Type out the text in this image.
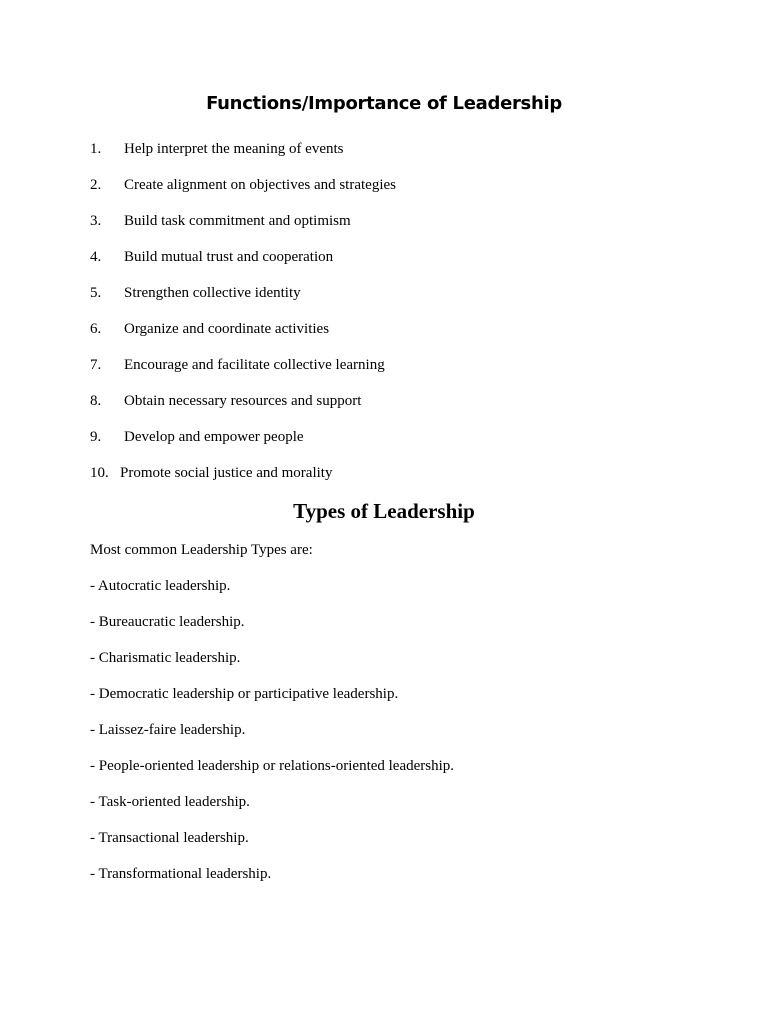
Functions/Importance of Leadership
1. Help interpret the meaning of events
2. Create alignment on objectives and strategies
3. Build task commitment and optimism
4. Build mutual trust and cooperation
5. Strengthen collective identity
6. Organize and coordinate activities
7. Encourage and facilitate collective learning
8. Obtain necessary resources and support
9. Develop and empower people
10. Promote social justice and morality
Types of Leadership
Most common Leadership Types are:
- Autocratic leadership.
- Bureaucratic leadership.
- Charismatic leadership.
- Democratic leadership or participative leadership.
- Laissez-faire leadership.
- People-oriented leadership or relations-oriented leadership.
- Task-oriented leadership.
- Transactional leadership.
- Transformational leadership.
